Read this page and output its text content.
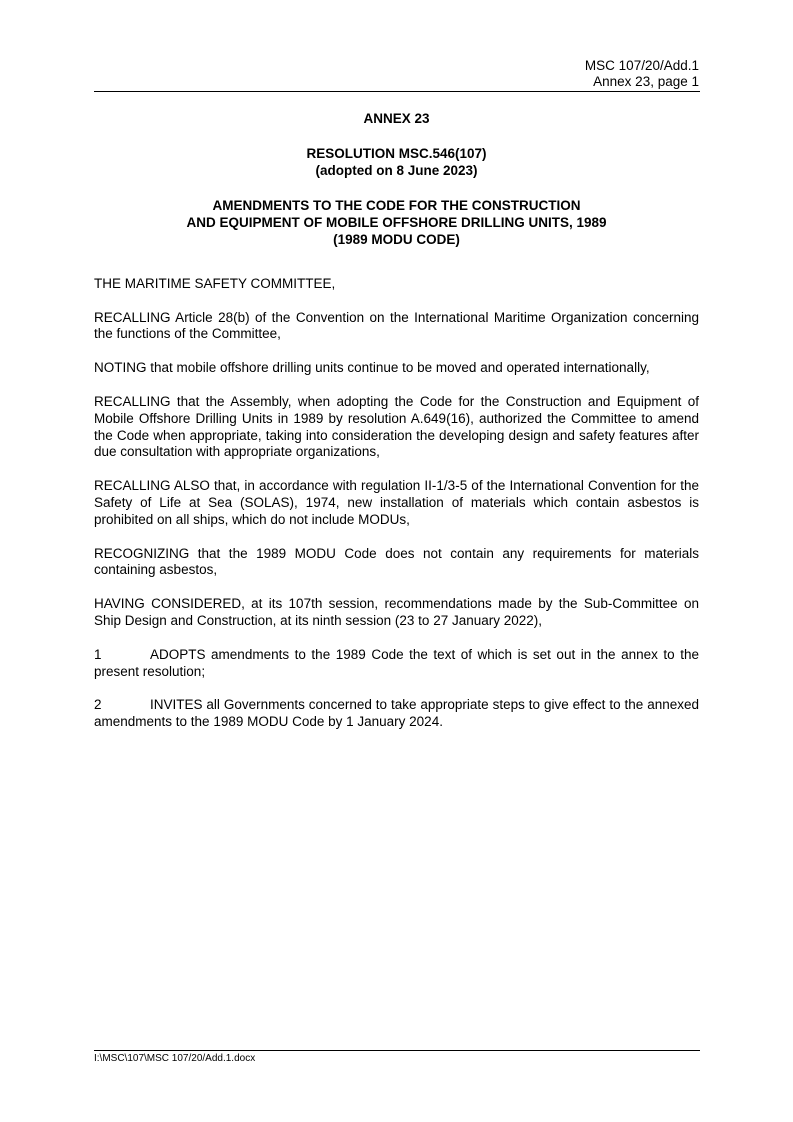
MSC 107/20/Add.1
Annex 23, page 1

ANNEX 23

RESOLUTION MSC.546(107)

(adopted on 8 June 2023)

AMENDMENTS TO THE CODE FOR THE CONSTRUCTION

AND EQUIPMENT OF MOBILE OFFSHORE DRILLING UNITS, 1989

(1989 MODU CODE)

THE MARITIME SAFETY COMMITTEE,

RECALLING Article 28(b) of the Convention on the International Maritime Organization concerning the functions of the Committee,

NOTING that mobile offshore drilling units continue to be moved and operated internationally,

RECALLING that the Assembly, when adopting the Code for the Construction and Equipment of Mobile Offshore Drilling Units in 1989 by resolution A.649(16), authorized the Committee to amend the Code when appropriate, taking into consideration the developing design and safety features after due consultation with appropriate organizations,

RECALLING ALSO that, in accordance with regulation II-1/3-5 of the International Convention for the Safety of Life at Sea (SOLAS), 1974, new installation of materials which contain asbestos is prohibited on all ships, which do not include MODUs,

RECOGNIZING that the 1989 MODU Code does not contain any requirements for materials containing asbestos,

HAVING CONSIDERED, at its 107th session, recommendations made by the Sub-Committee on Ship Design and Construction, at its ninth session (23 to 27 January 2022),

1	ADOPTS amendments to the 1989 Code the text of which is set out in the annex to the present resolution;

2	INVITES all Governments concerned to take appropriate steps to give effect to the annexed amendments to the 1989 MODU Code by 1 January 2024.

I:\MSC\107\MSC 107/20/Add.1.docx
